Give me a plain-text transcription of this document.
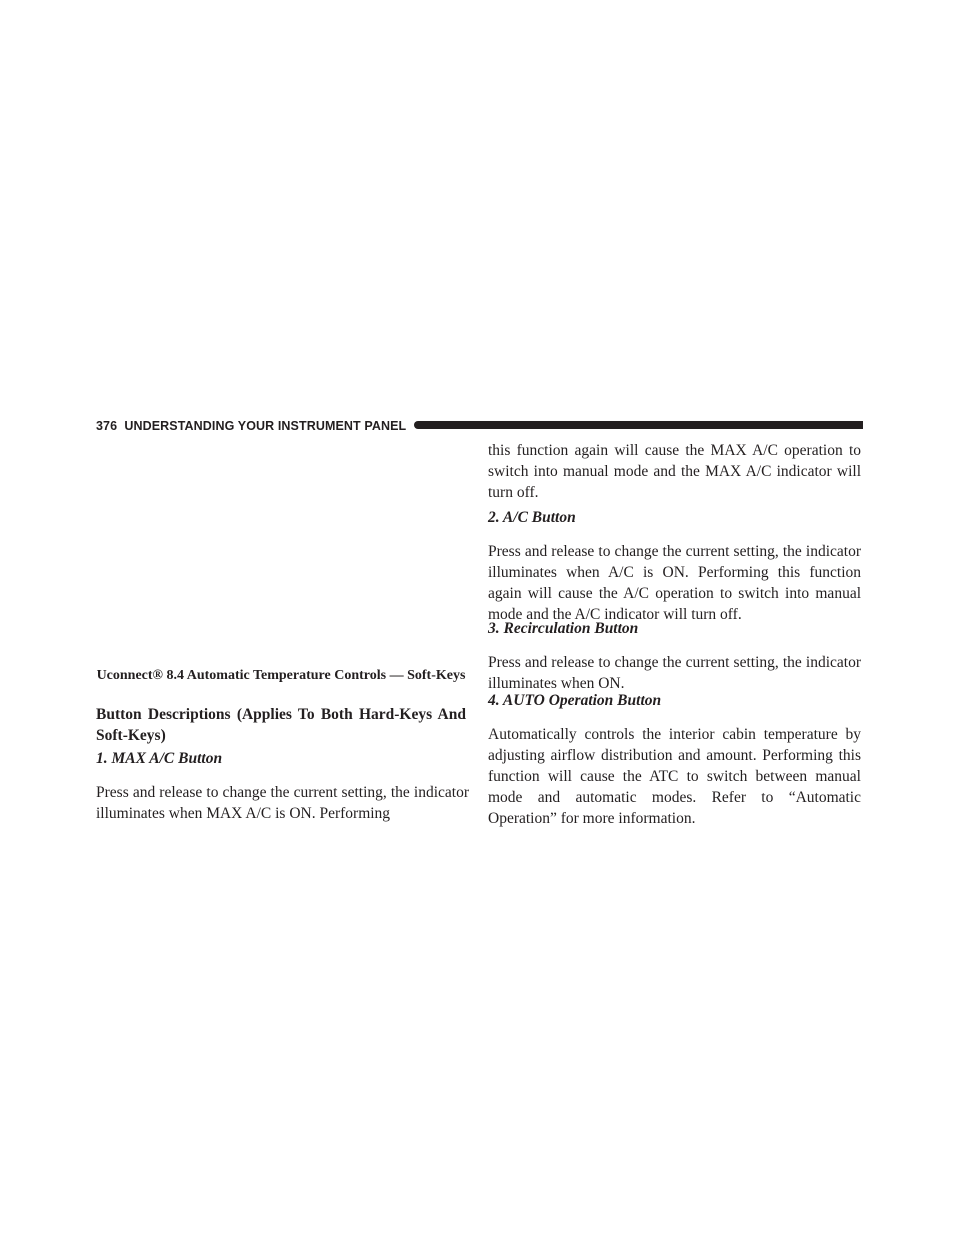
376 UNDERSTANDING YOUR INSTRUMENT PANEL
Uconnect® 8.4 Automatic Temperature Controls — Soft-Keys
Button Descriptions (Applies To Both Hard-Keys And Soft-Keys)
1. MAX A/C Button

Press and release to change the current setting, the indicator illuminates when MAX A/C is ON. Performing

this function again will cause the MAX A/C operation to switch into manual mode and the MAX A/C indicator will turn off.

2. A/C Button

Press and release to change the current setting, the indicator illuminates when A/C is ON. Performing this function again will cause the A/C operation to switch into manual mode and the A/C indicator will turn off.

3. Recirculation Button

Press and release to change the current setting, the indicator illuminates when ON.

4. AUTO Operation Button

Automatically controls the interior cabin temperature by adjusting airflow distribution and amount. Performing this function will cause the ATC to switch between manual mode and automatic modes. Refer to “Automatic Operation” for more information.
